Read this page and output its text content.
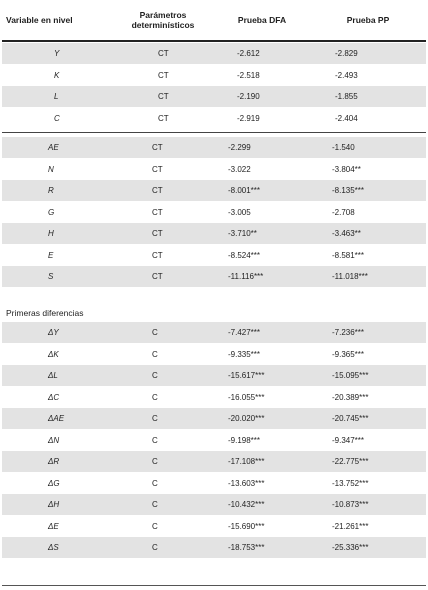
Variable en nivel	Parámetros determinísticos	Prueba DFA	Prueba PP
Y	CT	-2.612	-2.829
K	CT	-2.518	-2.493
L	CT	-2.190	-1.855
C	CT	-2.919	-2.404
AE	CT	-2.299	-1.540
N	CT	-3.022	-3.804**
R	CT	-8.001***	-8.135***
G	CT	-3.005	-2.708
H	CT	-3.710**	-3.463**
E	CT	-8.524***	-8.581***
S	CT	-11.116***	-11.018***
Primeras diferencias
ΔY	C	-7.427***	-7.236***
ΔK	C	-9.335***	-9.365***
ΔL	C	-15.617***	-15.095***
ΔC	C	-16.055***	-20.389***
ΔAE	C	-20.020***	-20.745***
ΔN	C	-9.198***	-9.347***
ΔR	C	-17.108***	-22.775***
ΔG	C	-13.603***	-13.752***
ΔH	C	-10.432***	-10.873***
ΔE	C	-15.690***	-21.261***
ΔS	C	-18.753***	-25.336***
